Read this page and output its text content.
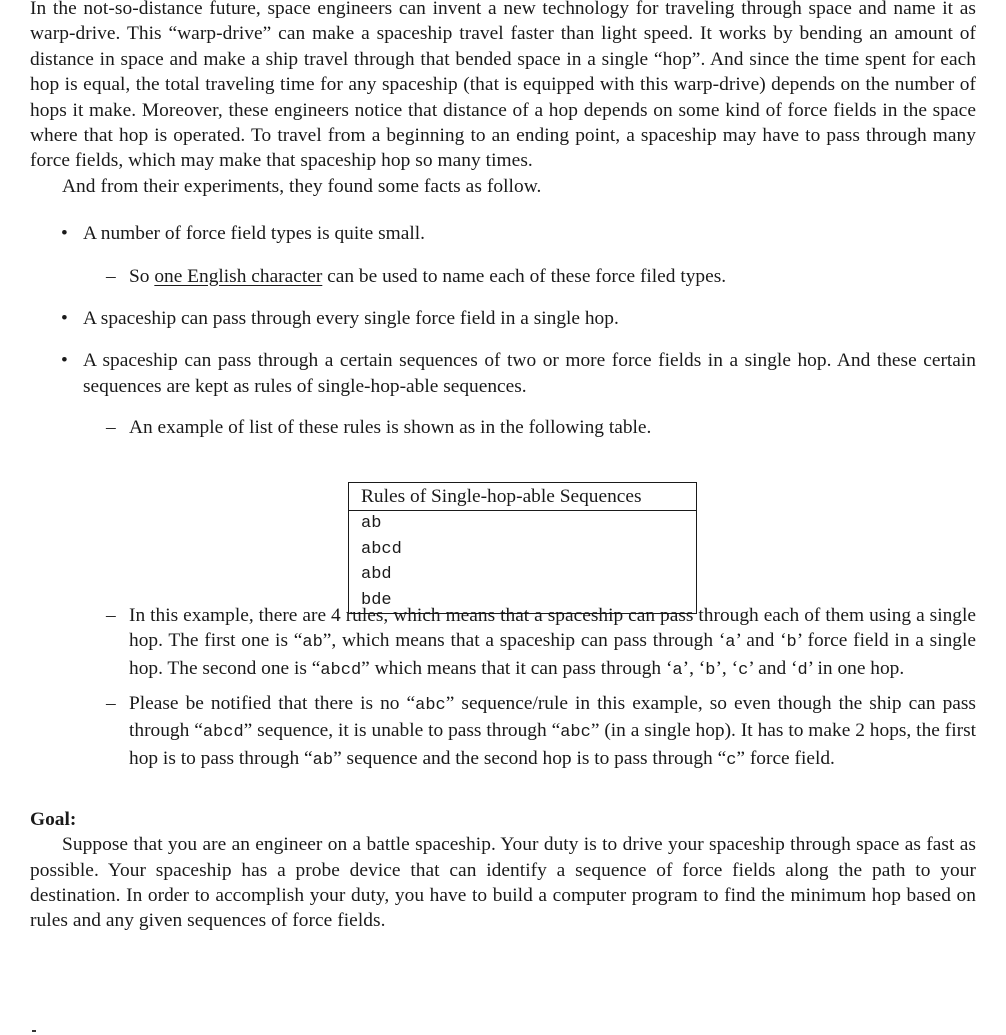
In the not-so-distance future, space engineers can invent a new technology for traveling through space and name it as warp-drive. This “warp-drive” can make a spaceship travel faster than light speed. It works by bending an amount of distance in space and make a ship travel through that bended space in a single “hop”. And since the time spent for each hop is equal, the total traveling time for any spaceship (that is equipped with this warp-drive) depends on the number of hops it make. Moreover, these engineers notice that distance of a hop depends on some kind of force fields in the space where that hop is operated. To travel from a beginning to an ending point, a spaceship may have to pass through many force fields, which may make that spaceship hop so many times.

And from their experiments, they found some facts as follow.

• A number of force field types is quite small.
– So one English character can be used to name each of these force filed types.
• A spaceship can pass through every single force field in a single hop.
• A spaceship can pass through a certain sequences of two or more force fields in a single hop. And these certain sequences are kept as rules of single-hop-able sequences.
– An example of list of these rules is shown as in the following table.
– In this example, there are 4 rules, which means that a spaceship can pass through each of them using a single hop. The first one is “ab”, which means that a spaceship can pass through ‘a’ and ‘b’ force field in a single hop. The second one is “abcd” which means that it can pass through ‘a’, ‘b’, ‘c’ and ‘d’ in one hop.
– Please be notified that there is no “abc” sequence/rule in this example, so even though the ship can pass through “abcd” sequence, it is unable to pass through “abc” (in a single hop). It has to make 2 hops, the first hop is to pass through “ab” sequence and the second hop is to pass through “c” force field.
Goal:

Suppose that you are an engineer on a battle spaceship. Your duty is to drive your spaceship through space as fast as possible. Your spaceship has a probe device that can identify a sequence of force fields along the path to your destination. In order to accomplish your duty, you have to build a computer program to find the minimum hop based on rules and any given sequences of force fields.

Rules of Single-hop-able Sequences
ab
abcd
abd
bde
